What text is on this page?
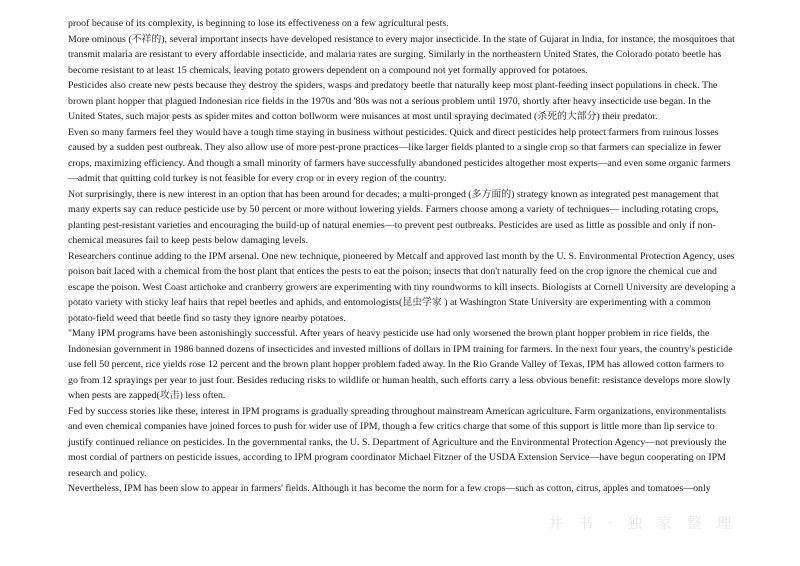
proof because of its complexity, is beginning to lose its effectiveness on a few agricultural pests.

More ominous (不祥的), several important insects have developed resistance to every major insecticide. In the state of Gujarat in India, for instance, the mosquitoes that transmit malaria are resistant to every affordable insecticide, and malaria rates are surging. Similarly in the northeastern United States, the Colorado potato beetle has become resistant to at least 15 chemicals, leaving potato growers dependent on a compound not yet formally approved for potatoes.

Pesticides also create new pests because they destroy the spiders, wasps and predatory beetle that naturally keep most plant-feeding insect populations in check. The brown plant hopper that plagued Indonesian rice fields in the 1970s and '80s was not a serious problem until 1970, shortly after heavy insecticide use began. In the United States, such major pests as spider mites and cotton bollworm were nuisances at most until spraying decimated (杀死的大部分) their predator.

Even so many farmers feel they would have a tough time staying in business without pesticides. Quick and direct pesticides help protect farmers from ruinous losses caused by a sudden pest outbreak. They also allow use of more pest-prone practices—like larger fields planted to a single crop so that farmers can specialize in fewer crops, maximizing efficiency. And though a small minority of farmers have successfully abandoned pesticides altogether most experts—and even some organic farmers—admit that quitting cold turkey is not feasible for every crop or in every region of the country.

Not surprisingly, there is new interest in an option that has been around for decades; a multi-pronged (多方面的) strategy known as integrated pest management that many experts say can reduce pesticide use by 50 percent or more without lowering yields. Farmers choose among a variety of techniques— including rotating crops, planting pest-resistant varieties and encouraging the build-up of natural enemies—to prevent pest outbreaks. Pesticides are used as little as possible and only if non-chemical measures fail to keep pests below damaging levels.

Researchers continue adding to the IPM arsenal. One new technique, pioneered by Metcalf and approved last month by the U. S. Environmental Protection Agency, uses poison bait laced with a chemical from the host plant that entices the pests to eat the poison; insects that don't naturally feed on the crop ignore the chemical cue and escape the poison. West Coast artichoke and cranberry growers are experimenting with tiny roundworms to kill insects. Biologists at Cornell University are developing a potato variety with sticky leaf hairs that repel beetles and aphids, and entomologists(昆虫学家 ) at Washington State University are experimenting with a common potato-field weed that beetle find so tasty they ignore nearby potatoes.

"Many IPM programs have been astonishingly successful. After years of heavy pesticide use had only worsened the brown plant hopper problem in rice fields, the Indonesian government in 1986 banned dozens of insecticides and invested millions of dollars in IPM training for farmers. In the next four years, the country's pesticide use fell 50 percent, rice yields rose 12 percent and the brown plant hopper problem faded away. In the Rio Grande Valley of Texas, IPM has allowed cotton farmers to go from 12 sprayings per year to just four. Besides reducing risks to wildlife or human health, such efforts carry a less obvious benefit: resistance develops more slowly when pests are zapped(攻击) less often.

Fed by success stories like these, interest in IPM programs is gradually spreading throughout mainstream American agriculture. Farm organizations, environmentalists and even chemical companies have joined forces to push for wider use of IPM, though a few critics charge that some of this support is little more than lip service to justify continued reliance on pesticides. In the governmental ranks, the U. S. Department of Agriculture and the Environmental Protection Agency—not previously the most cordial of partners on pesticide issues, according to IPM program coordinator Michael Fitzner of the USDA Extension Service—have begun cooperating on IPM research and policy.

Nevertheless, IPM has been slow to appear in farmers' fields. Although it has become the norm for a few crops—such as cotton, citrus, apples and tomatoes—only

井 书 · 独 家 整 理
